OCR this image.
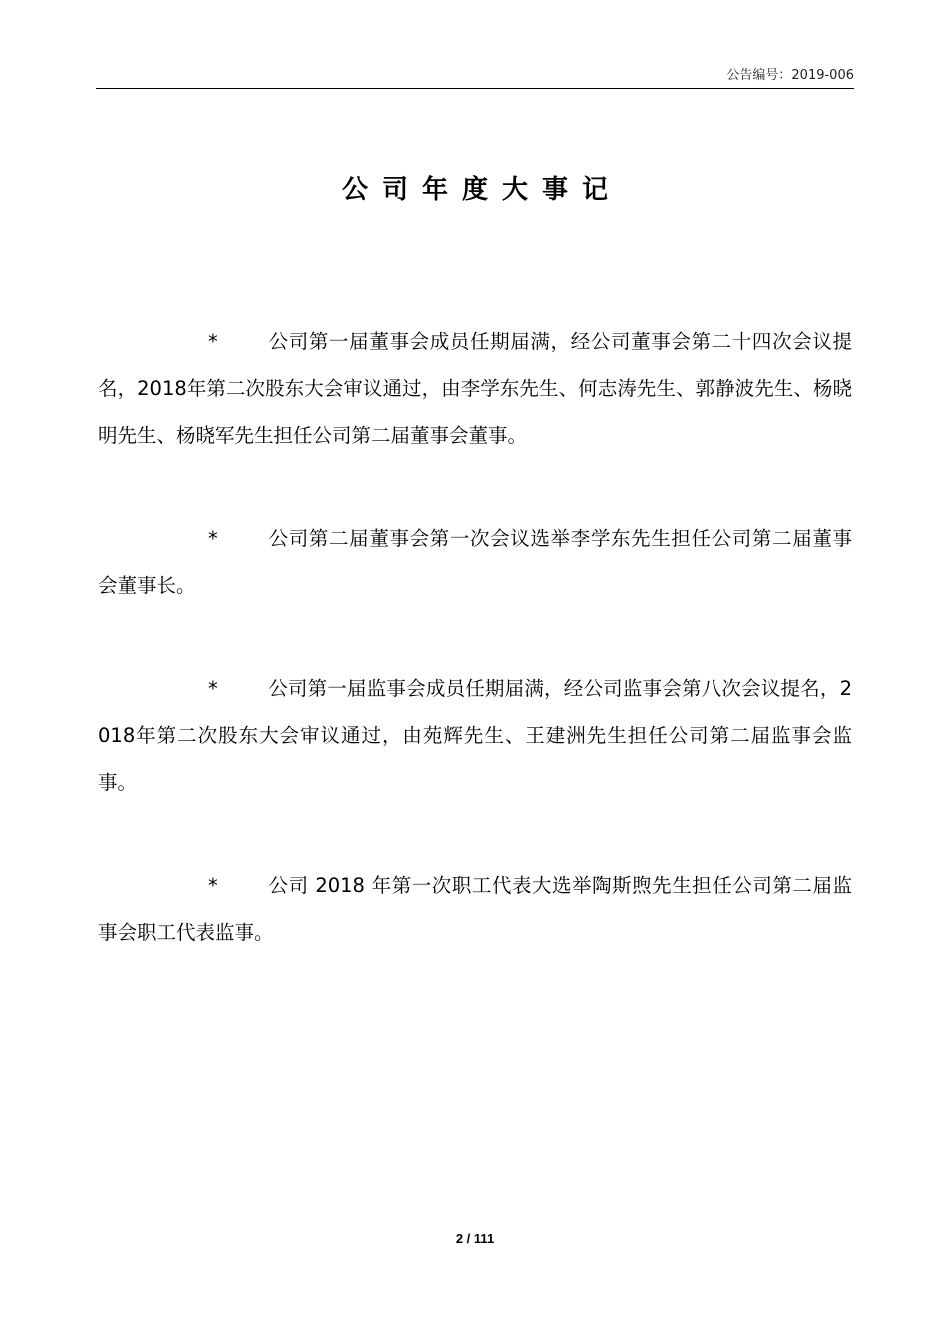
公告编号：2019-006
公司年度大事记

*	公司第一届董事会成员任期届满，经公司董事会第二十四次会议提名，2018年第二次股东大会审议通过，由李学东先生、何志涛先生、郭静波先生、杨晓明先生、杨晓军先生担任公司第二届董事会董事。

*	公司第二届董事会第一次会议选举李学东先生担任公司第二届董事会董事长。

*	公司第一届监事会成员任期届满，经公司监事会第八次会议提名，2018年第二次股东大会审议通过，由苑辉先生、王建洲先生担任公司第二届监事会监事。

*	公司 2018 年第一次职工代表大选举陶斯煦先生担任公司第二届监事会职工代表监事。

2 / 111
